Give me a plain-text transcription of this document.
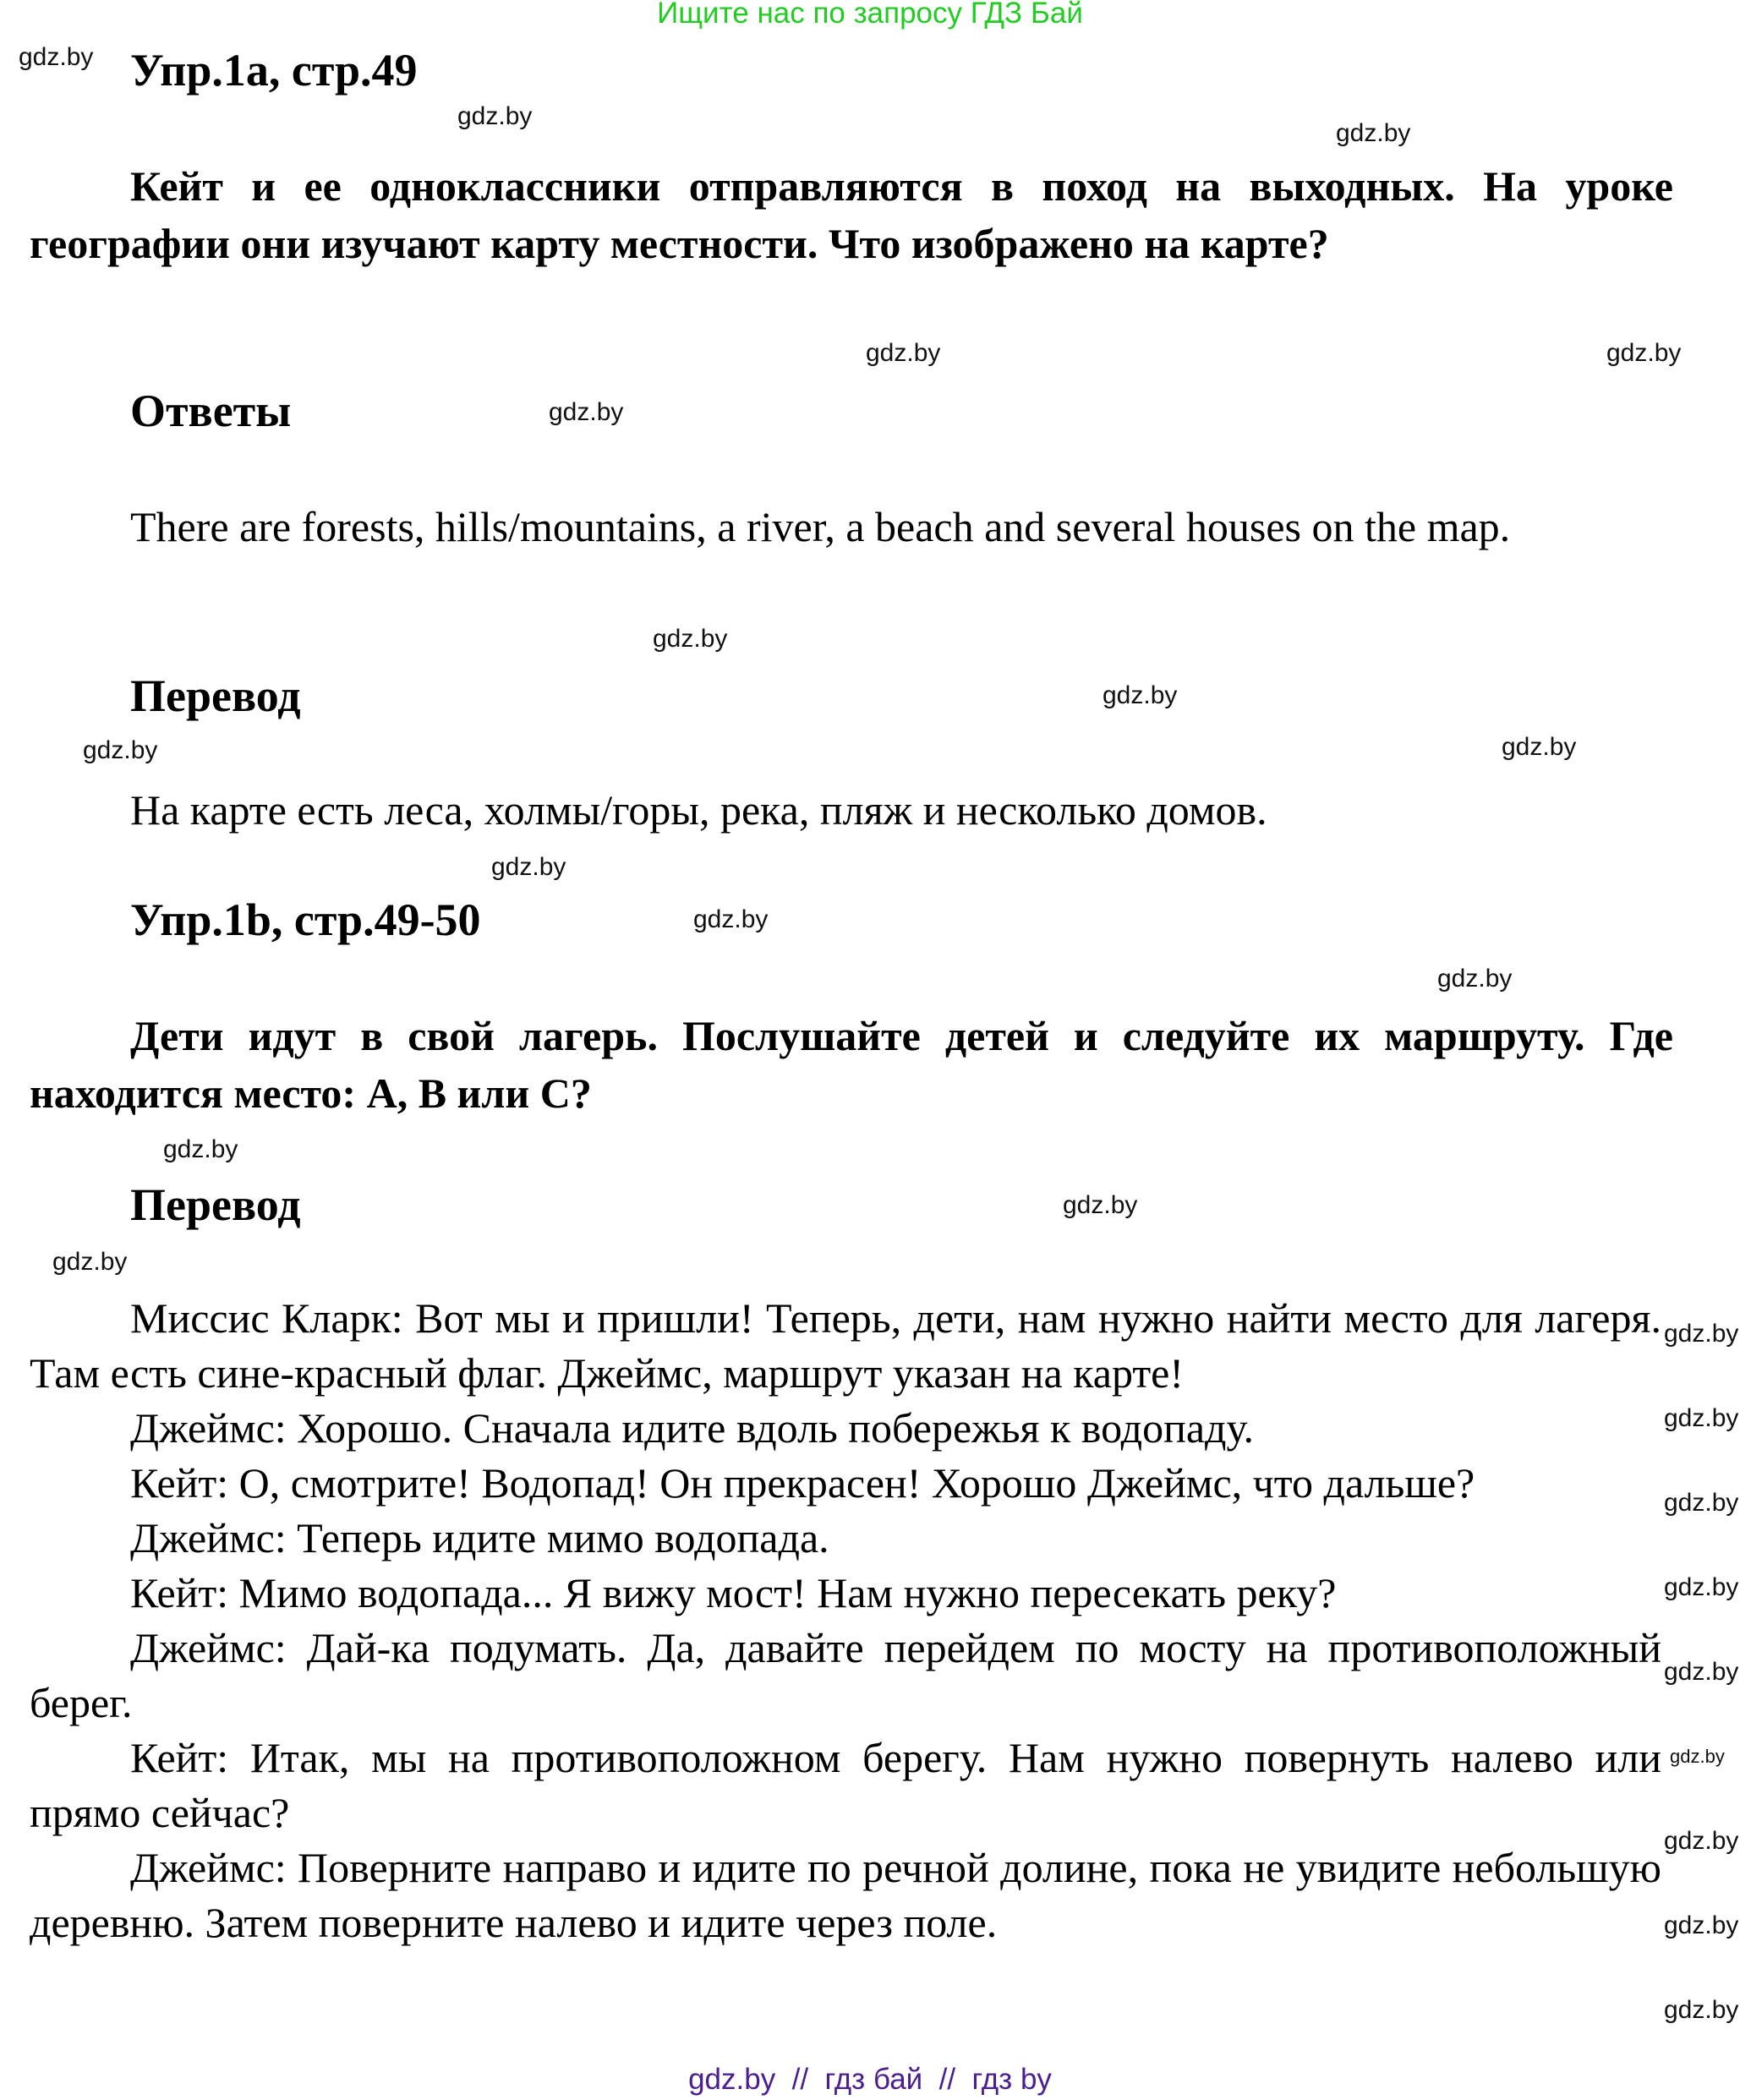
Ищите нас по запросу ГДЗ Бай
Упр.1а, стр.49

Кейт и ее одноклассники отправляются в поход на выходных. На уроке географии они изучают карту местности. Что изображено на карте?

Ответы

There are forests, hills/mountains, a river, a beach and several houses on the map.

Перевод

На карте есть леса, холмы/горы, река, пляж и несколько домов.

Упр.1b, стр.49-50

Дети идут в свой лагерь. Послушайте детей и следуйте их маршруту. Где находится место: А, В или С?

Перевод

Миссис Кларк: Вот мы и пришли! Теперь, дети, нам нужно найти место для лагеря. Там есть сине-красный флаг. Джеймс, маршрут указан на карте!

Джеймс: Хорошо. Сначала идите вдоль побережья к водопаду.

Кейт: О, смотрите! Водопад! Он прекрасен! Хорошо Джеймс, что дальше?

Джеймс: Теперь идите мимо водопада.

Кейт: Мимо водопада... Я вижу мост! Нам нужно пересекать реку?

Джеймс: Дай-ка подумать. Да, давайте перейдем по мосту на противоположный берег.

Кейт: Итак, мы на противоположном берегу. Нам нужно повернуть налево или прямо сейчас?

Джеймс: Поверните направо и идите по речной долине, пока не увидите небольшую деревню. Затем поверните налево и идите через поле.

gdz.by
gdz.by
gdz.by
gdz.by	gdz.by
gdz.by
gdz.by
gdz.by
gdz.by
gdz.by
gdz.by
gdz.by
gdz.by
gdz.by
gdz.by
gdz.by
gdz.by
gdz.by
gdz.by
gdz.by
gdz.by
gdz.by
gdz.by
gdz.by
gdz.by
gdz.by  //  гдз бай  //  гдз by
